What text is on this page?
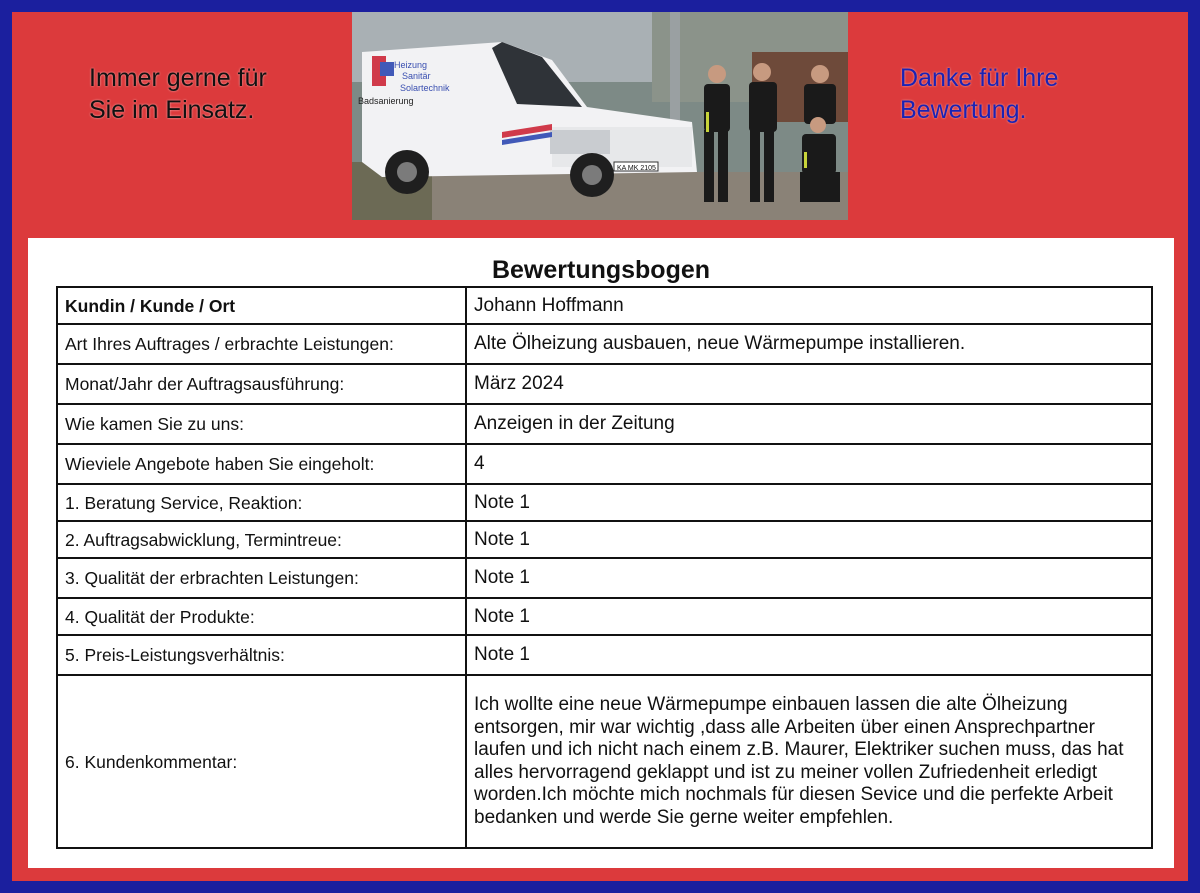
Immer gerne für
Sie im Einsatz.
KA MK 2105
Heizung
Sanitär
Solartechnik
Badsanierung
Danke für Ihre
Bewertung.
Bewertungsbogen
Kundin / Kunde / Ort	Johann Hoffmann
Art Ihres Auftrages / erbrachte Leistungen:	Alte Ölheizung ausbauen, neue Wärmepumpe installieren.
Monat/Jahr der Auftragsausführung:	März 2024
Wie kamen Sie zu uns:	Anzeigen in der Zeitung
Wieviele Angebote haben Sie eingeholt:	4
1. Beratung Service, Reaktion:	Note 1
2. Auftragsabwicklung, Termintreue:	Note 1
3. Qualität der erbrachten Leistungen:	Note 1
4. Qualität der Produkte:	Note 1
5. Preis-Leistungsverhältnis:	Note 1
6. Kundenkommentar:	Ich wollte eine neue Wärmepumpe einbauen lassen die alte Ölheizung entsorgen, mir war wichtig ,dass alle Arbeiten über einen Ansprechpartner laufen und ich nicht nach einem z.B. Maurer, Elektriker suchen muss, das hat alles hervorragend geklappt und ist zu meiner vollen Zufriedenheit erledigt worden.Ich möchte mich nochmals für diesen Sevice und die perfekte Arbeit bedanken und werde Sie gerne weiter empfehlen.
